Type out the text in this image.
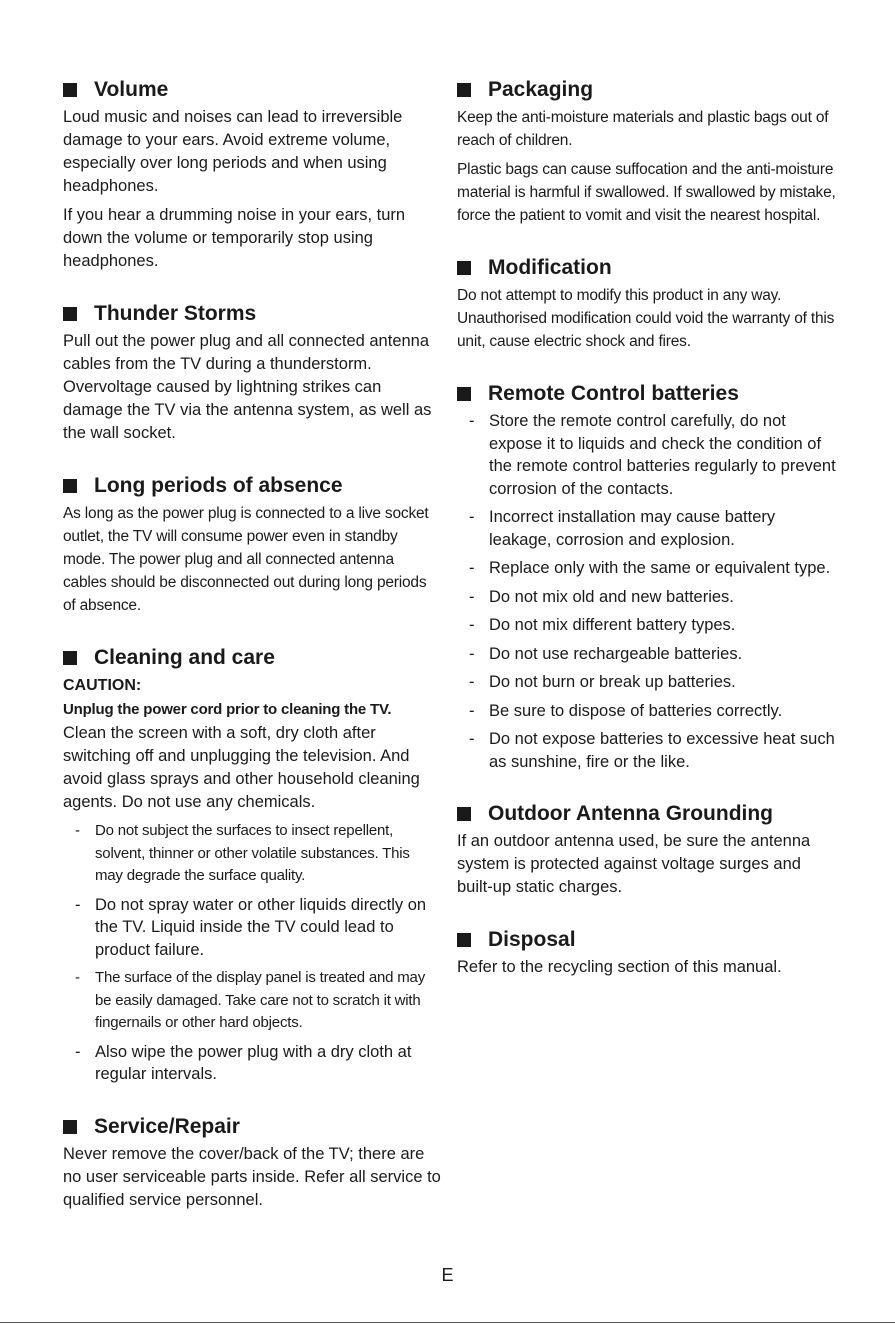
Volume

Loud music and noises can lead to irreversible damage to your ears. Avoid extreme volume, especially over long periods and when using headphones.

If you hear a drumming noise in your ears, turn down the volume or temporarily stop using headphones.

Thunder Storms

Pull out the power plug and all connected antenna cables from the TV during a thunderstorm. Overvoltage caused by lightning strikes can damage the TV via the antenna system, as well as the wall socket.

Long periods of absence

As long as the power plug is connected to a live socket outlet, the TV will consume power even in standby mode. The power plug and all connected antenna cables should be disconnected out during long periods of absence.

Cleaning and care
CAUTION:
Unplug the power cord prior to cleaning the TV.

Clean the screen with a soft, dry cloth after switching off and unplugging the television. And avoid glass sprays and other household cleaning agents. Do not use any chemicals.

- Do not subject the surfaces to insect repellent, solvent, thinner or other volatile substances. This may degrade the surface quality.
- Do not spray water or other liquids directly on the TV. Liquid inside the TV could lead to product failure.
- The surface of the display panel is treated and may be easily damaged. Take care not to scratch it with fingernails or other hard objects.
- Also wipe the power plug with a dry cloth at regular intervals.
Service/Repair

Never remove the cover/back of the TV; there are no user serviceable parts inside. Refer all service to qualified service personnel.

Packaging

Keep the anti-moisture materials and plastic bags out of reach of children.

Plastic bags can cause suffocation and the anti-moisture material is harmful if swallowed. If swallowed by mistake, force the patient to vomit and visit the nearest hospital.

Modification

Do not attempt to modify this product in any way. Unauthorised modification could void the warranty of this unit, cause electric shock and fires.

Remote Control batteries
- Store the remote control carefully, do not expose it to liquids and check the condition of the remote control batteries regularly to prevent corrosion of the contacts.
- Incorrect installation may cause battery leakage, corrosion and explosion.
- Replace only with the same or equivalent type.
- Do not mix old and new batteries.
- Do not mix different battery types.
- Do not use rechargeable batteries.
- Do not burn or break up batteries.
- Be sure to dispose of batteries correctly.
- Do not expose batteries to excessive heat such as sunshine, fire or the like.
Outdoor Antenna Grounding

If an outdoor antenna used, be sure the antenna system is protected against voltage surges and built-up static charges.

Disposal

Refer to the recycling section of this manual.

E
